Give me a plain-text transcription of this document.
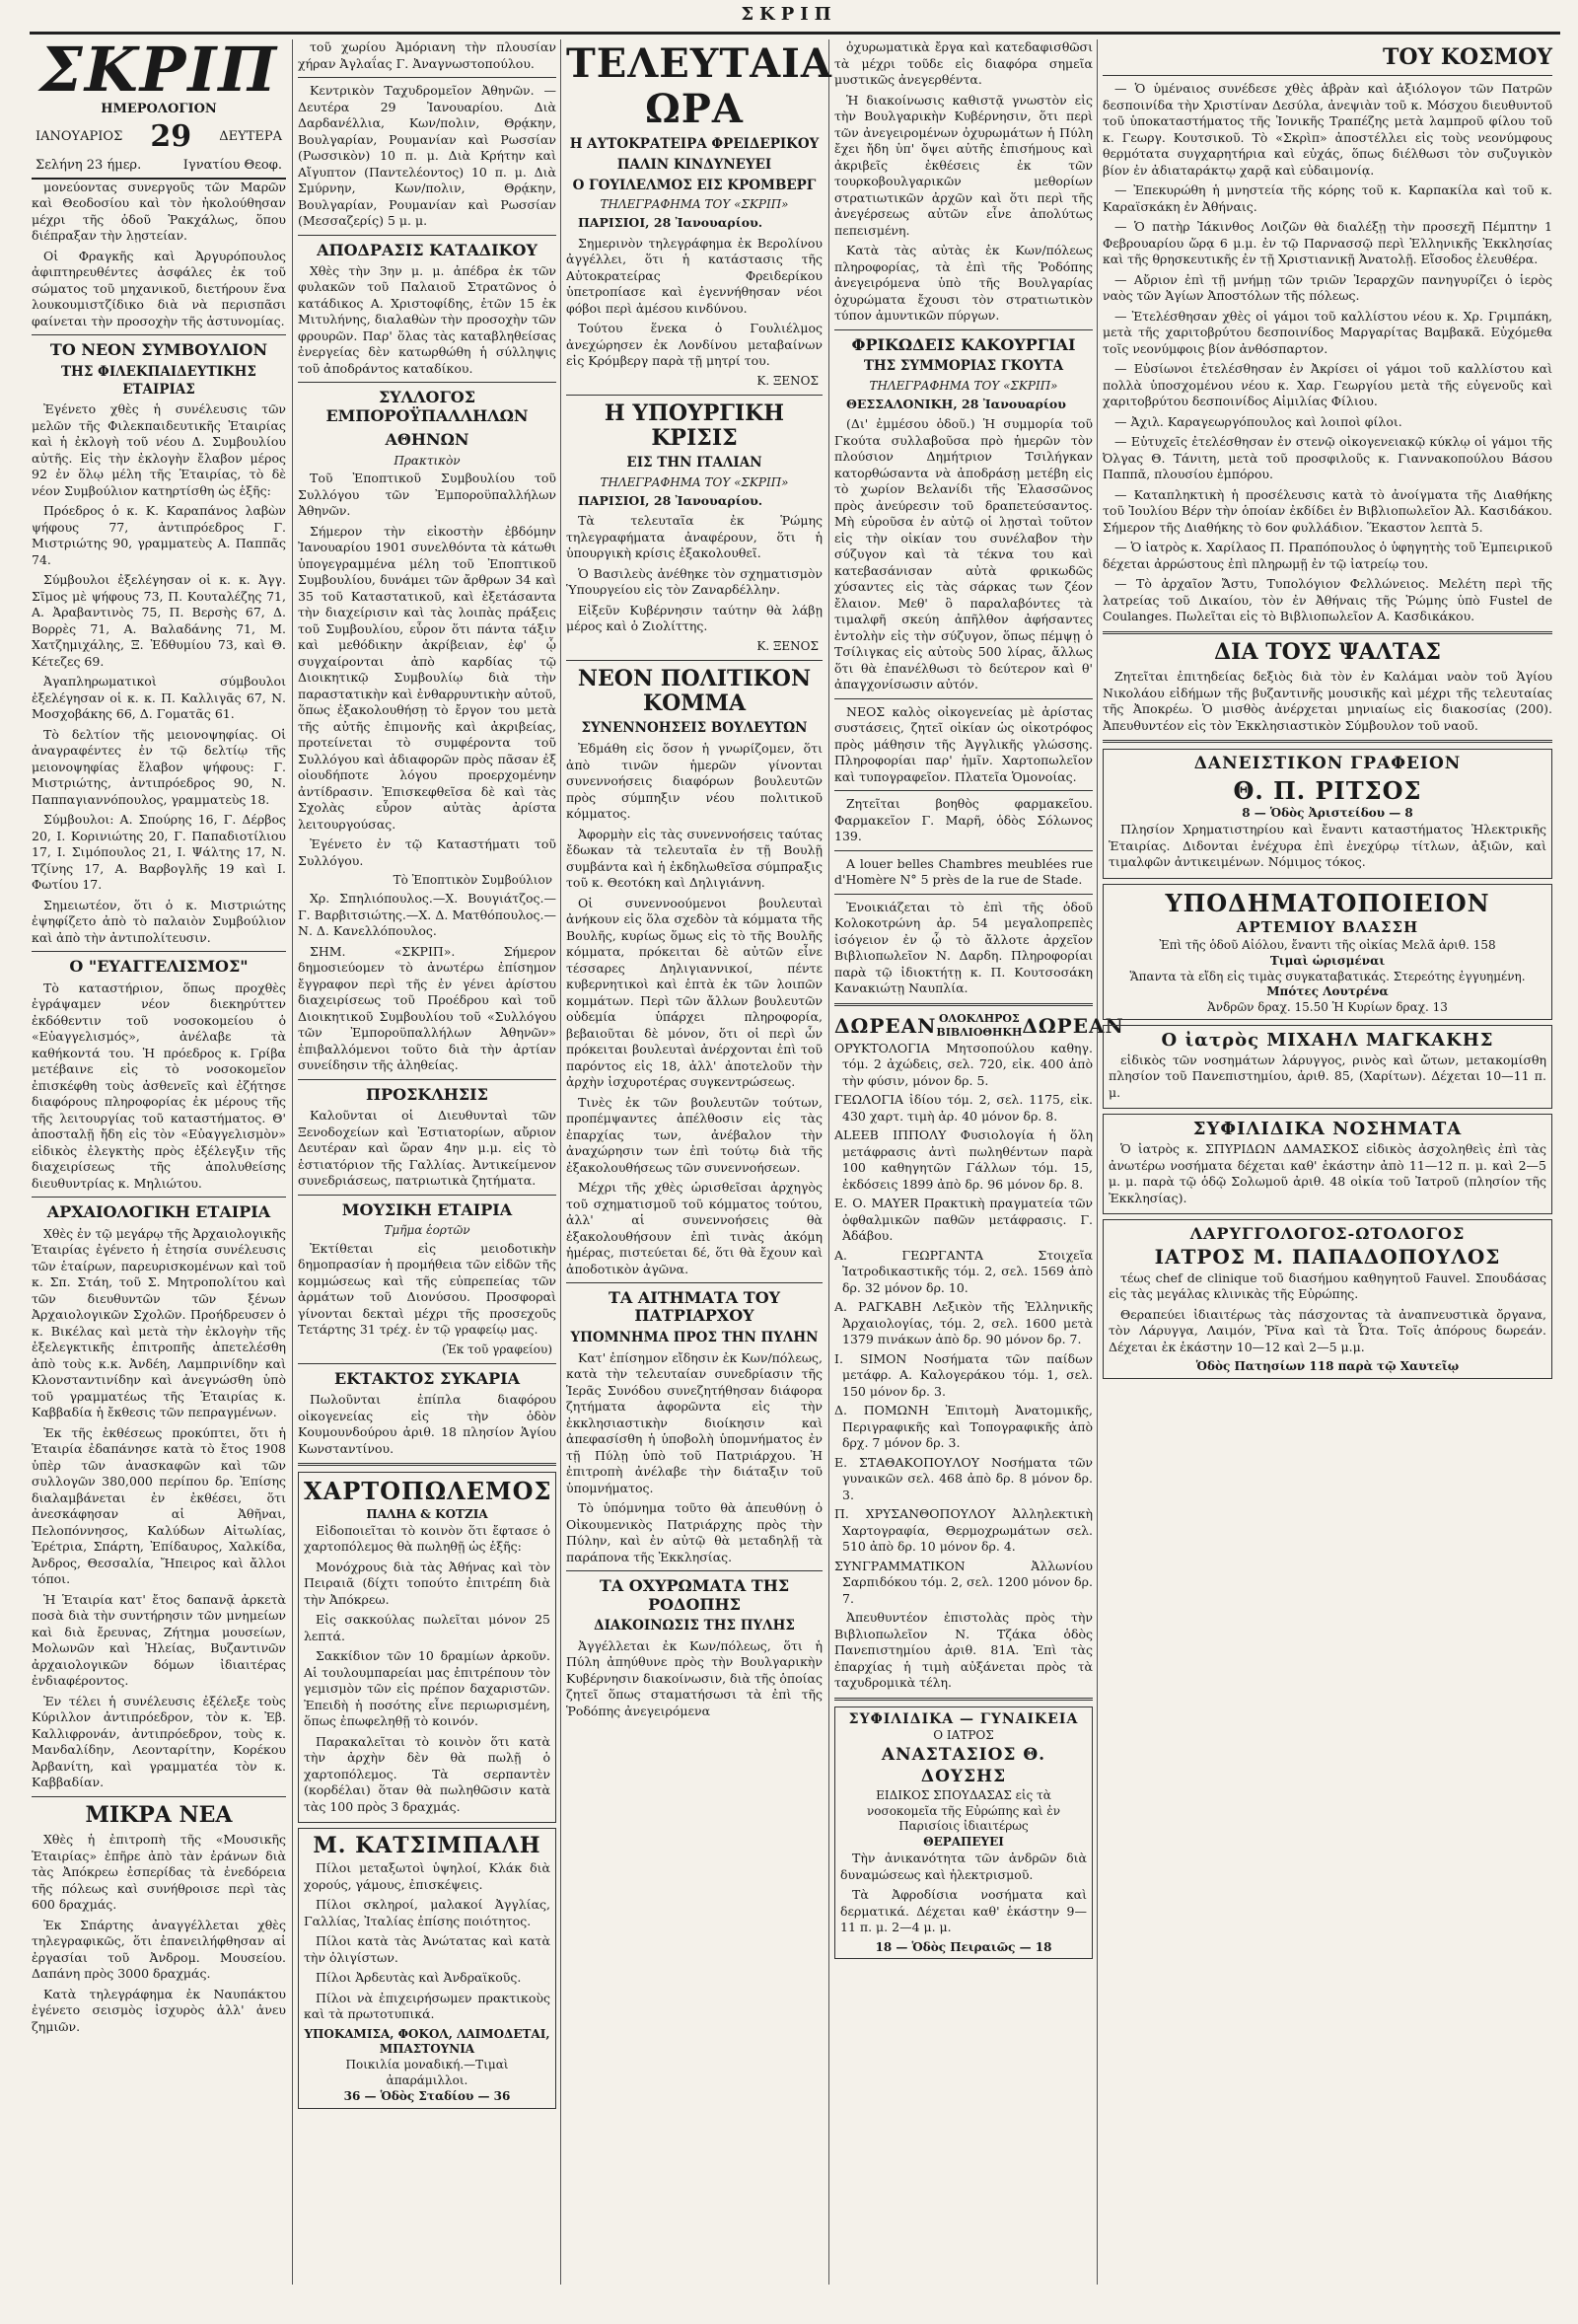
ΣΚΡΙΠ
ΣΚΡΙΠ
ΗΜΕΡΟΛΟΓΙΟΝ
ΙΑΝΟΥΑΡΙΟΣ 29 ΔΕΥΤΕΡΑ
Σελήνη 23 ήμερ.	Ιγνατίου Θεοφ.

μονεύοντας συνεργοῦς τῶν Μαρῶν καὶ Θεοδοσίου καὶ τὸν ἠκολούθησαν μέχρι τῆς ὁδοῦ Ῥακχάλως, ὅπου διέπραξαν τὴν λῃστείαν.

Οἱ Φραγκῆς καὶ Ἀργυρόπουλος ἀφιπτηρευθέντες ἀσφάλες ἐκ τοῦ σώματος τοῦ μηχανικοῦ, διετήρουν ἕνα λουκουμιστζίδικο διὰ νὰ περισπᾶσι φαίνεται τὴν προσοχὴν τῆς ἀστυνομίας.

ΤΟ ΝΕΟΝ ΣΥΜΒΟΥΛΙΟΝ
ΤΗΣ ΦΙΛΕΚΠΑΙΔΕΥΤΙΚΗΣ ΕΤΑΙΡΙΑΣ

Ἐγένετο χθὲς ἡ συνέλευσις τῶν μελῶν τῆς Φιλεκπαιδευτικῆς Ἑταιρίας καὶ ἡ ἐκλογὴ τοῦ νέου Δ. Συμβουλίου αὐτῆς. Εἰς τὴν ἐκλογὴν ἔλαβον μέρος 92 ἐν ὅλῳ μέλη τῆς Ἑταιρίας, τὸ δὲ νέον Συμβούλιον κατηρτίσθη ὡς ἑξῆς:

Πρόεδρος ὁ κ. Κ. Καραπάνος λαβὼν ψήφους 77, ἀντιπρόεδρος Γ. Μιστριώτης 90, γραμματεὺς Α. Παππᾶς 74.

Σύμβουλοι ἐξελέγησαν οἱ κ. κ. Ἀγγ. Σῖμος μὲ ψήφους 73, Π. Κουταλέζης 71, Α. Ἀραβαντινὸς 75, Π. Βερσὴς 67, Δ. Βορρὲς 71, Α. Βαλαδάνης 71, Μ. Χατζημιχάλης, Ξ. Ἐδθυμίου 73, καὶ Θ. Κέτεζες 69.

Ἀγαπληρωματικοὶ σύμβουλοι ἐξελέγησαν οἱ κ. κ. Π. Καλλιγᾶς 67, Ν. Μοσχοβάκης 66, Δ. Γοματᾶς 61.

Τὸ δελτίον τῆς μειονοψηφίας. Οἱ ἀναγραφέντες ἐν τῷ δελτίῳ τῆς μειονοψηφίας ἔλαβον ψήφους: Γ. Μιστριώτης, ἀντιπρόεδρος 90, Ν. Παππαγιαννόπουλος, γραμματεὺς 18.

Σύμβουλοι: Α. Σπούρης 16, Γ. Δέρβος 20, Ι. Κορινιώτης 20, Γ. Παπαδιοτίλιου 17, Ι. Σιμόπουλος 21, Ι. Ψάλτης 17, Ν. Τζίνης 17, Α. Βαρβογλῆς 19 καὶ Ι. Φωτίου 17.

Σημειωτέον, ὅτι ὁ κ. Μιστριώτης ἐψηφίζετο ἀπὸ τὸ παλαιὸν Συμβούλιον καὶ ἀπὸ τὴν ἀντιπολίτευσιν.

Ο "ΕΥΑΓΓΕΛΙΣΜΟΣ"

Τὸ καταστήριον, ὅπως προχθὲς ἐγράψαμεν νέον διεκηρύττεν ἐκδόθεντιν τοῦ νοσοκομείου ὁ «Εὐαγγελισμός», ἀνέλαβε τὰ καθήκοντά του. Ἡ πρόεδρος κ. Γρίβα μετέβαινε εἰς τὸ νοσοκομεῖον ἐπισκέφθη τοὺς ἀσθενεῖς καὶ ἐζήτησε διαφόρους πληροφορίας ἐκ μέρους τῆς τῆς λειτουργίας τοῦ καταστήματος. Θ' ἀποσταλῇ ἤδη εἰς τὸν «Εὐαγγελισμὸν» εἰδικὸς ἐλεγκτὴς πρὸς ἐξέλεγξιν τῆς διαχειρίσεως τῆς ἀπολυθείσης διευθυντρίας κ. Μηλιώτου.

ΑΡΧΑΙΟΛΟΓΙΚΗ ΕΤΑΙΡΙΑ

Χθὲς ἐν τῷ μεγάρῳ τῆς Ἀρχαιολογικῆς Ἑταιρίας ἐγένετο ἡ ἐτησία συνέλευσις τῶν ἑταίρων, παρευρισκομένων καὶ τοῦ κ. Σπ. Στάη, τοῦ Σ. Μητροπολίτου καὶ τῶν διευθυντῶν τῶν ξένων Ἀρχαιολογικῶν Σχολῶν. Προήδρευσεν ὁ κ. Βικέλας καὶ μετὰ τὴν ἐκλογὴν τῆς ἐξελεγκτικῆς ἐπιτροπῆς ἀπετελέσθη ἀπὸ τοὺς κ.κ. Ἀνδέη, Λαμπρινίδην καὶ Κλονσταντινίδην καὶ ἀνεγνώσθη ὑπὸ τοῦ γραμματέως τῆς Ἑταιρίας κ. Καββαδία ἡ ἔκθεσις τῶν πεπραγμένων.

Ἐκ τῆς ἐκθέσεως προκύπτει, ὅτι ἡ Ἑταιρία ἐδαπάνησε κατὰ τὸ ἔτος 1908 ὑπὲρ τῶν ἀνασκαφῶν καὶ τῶν συλλογῶν 380,000 περίπου δρ. Ἐπίσης διαλαμβάνεται ἐν ἐκθέσει, ὅτι ἀνεσκάφησαν αἱ Ἀθῆναι, Πελοπόννησος, Καλύδων Αἰτωλίας, Ἐρέτρια, Σπάρτη, Ἐπίδαυρος, Χαλκίδα, Ἀνδρος, Θεσσαλία, Ἤπειρος καὶ ἄλλοι τόποι.

Ἡ Ἑταιρία κατ' ἔτος δαπανᾷ ἀρκετὰ ποσὰ διὰ τὴν συντήρησιν τῶν μνημείων καὶ διὰ ἔρευνας, Ζήτημα μουσείων, Μολωνῶν καὶ Ἠλείας, Βυζαντινῶν ἀρχαιολογικῶν δόμων ἰδιαιτέρας ἐνδιαφέροντος.

Ἐν τέλει ἡ συνέλευσις ἐξέλεξε τοὺς Κύριλλον ἀντιπρόεδρον, τὸν κ. Ἐβ. Καλλιφρονάν, ἀντιπρόεδρον, τοὺς κ. Μανδαλίδην, Λεονταρίτην, Κορέκου Ἀρβανίτη, καὶ γραμματέα τὸν κ. Καββαδίαν.

ΜΙΚΡΑ ΝΕΑ

Χθὲς ἡ ἐπιτροπὴ τῆς «Μουσικῆς Ἑταιρίας» ἐπῆρε ἀπὸ τὰν ἐράνων διὰ τὰς Ἀπόκρεω ἐσπερίδας τὰ ἐνεδόρεια τῆς πόλεως καὶ συνήθροισε περὶ τὰς 600 δραχμάς.

Ἐκ Σπάρτης ἀναγγέλλεται χθὲς τηλεγραφικῶς, ὅτι ἐπανειλήφθησαν αἱ ἐργασίαι τοῦ Ἀνδρομ. Μουσείου. Δαπάνη πρὸς 3000 δραχμάς.

Κατὰ τηλεγράφημα ἐκ Ναυπάκτου ἐγένετο σεισμὸς ἰσχυρὸς ἀλλ' ἀνευ ζημιῶν.

τοῦ χωρίου Ἀμόριανη τὴν πλουσίαν χήραν Ἀγλαΐας Γ. Ἀναγνωστοπούλου.

Κεντρικὸν Ταχυδρομεῖον Ἀθηνῶν. — Δευτέρα 29 Ἰανουαρίου. Διὰ Δαρδανέλλια, Κων/πολιν, Θρᾴκην, Βουλγαρίαν, Ρουμανίαν καὶ Ρωσσίαν (Ρωσσικὸν) 10 π. μ. Διὰ Κρήτην καὶ Αἴγυπτον (Παντελέοντος) 10 π. μ. Διὰ Σμύρνην, Κων/πολιν, Θρᾴκην, Βουλγαρίαν, Ρουμανίαν καὶ Ρωσσίαν (Μεσσαζερίς) 5 μ. μ.

ΑΠΟΔΡΑΣΙΣ ΚΑΤΑΔΙΚΟΥ

Χθὲς τὴν 3ην μ. μ. ἀπέδρα ἐκ τῶν φυλακῶν τοῦ Παλαιοῦ Στρατῶνος ὁ κατάδικος Α. Χριστοφίδης, ἐτῶν 15 ἐκ Μιτυλήνης, διαλαθὼν τὴν προσοχὴν τῶν φρουρῶν. Παρ' ὅλας τὰς καταβληθείσας ἐνεργείας δὲν κατωρθώθη ἡ σύλληψις τοῦ ἀποδράντος καταδίκου.

ΣΥΛΛΟΓΟΣ ΕΜΠΟΡΟΫΠΑΛΛΗΛΩΝ
ΑΘΗΝΩΝ
Πρακτικὸν

Τοῦ Ἐποπτικοῦ Συμβουλίου τοῦ Συλλόγου τῶν Ἐμποροϋπαλλήλων Ἀθηνῶν.

Σήμερον τὴν εἰκοστὴν ἐβδόμην Ἰανουαρίου 1901 συνελθόντα τὰ κάτωθι ὑπογεγραμμένα μέλη τοῦ Ἐποπτικοῦ Συμβουλίου, δυνάμει τῶν ἄρθρων 34 καὶ 35 τοῦ Καταστατικοῦ, καὶ ἐξετάσαντα τὴν διαχείρισιν καὶ τὰς λοιπὰς πράξεις τοῦ Συμβουλίου, εὗρον ὅτι πάντα τάξιν καὶ μεθόδικην ἀκρίβειαν, ἐφ' ᾧ συγχαίρονται ἀπὸ καρδίας τῷ Διοικητικῷ Συμβουλίῳ διὰ τὴν παραστατικὴν καὶ ἐνθαρρυντικὴν αὐτοῦ, ὅπως ἐξακολουθήσῃ τὸ ἔργον του μετὰ τῆς αὐτῆς ἐπιμονῆς καὶ ἀκριβείας, προτείνεται τὸ συμφέροντα τοῦ Συλλόγου καὶ ἀδιαφορῶν πρὸς πᾶσαν ἐξ οἰουδήποτε λόγου προερχομένην ἀντίδρασιν. Ἐπισκεφθεῖσα δὲ καὶ τὰς Σχολὰς εὗρον αὐτὰς ἀρίστα λειτουργούσας.

Ἐγένετο ἐν τῷ Καταστήματι τοῦ Συλλόγου.

Τὸ Ἐποπτικὸν Συμβούλιον

Χρ. Σπηλιόπουλος.—Χ. Βουγιάτζος.—Γ. Βαρβιτσιώτης.—Χ. Δ. Ματθόπουλος.—Ν. Δ. Κανελλόπουλος.

ΣΗΜ. «ΣΚΡΙΠ». Σήμερον δημοσιεύομεν τὸ ἀνωτέρω ἐπίσημον ἔγγραφον περὶ τῆς ἐν γένει ἀρίστου διαχειρίσεως τοῦ Προέδρου καὶ τοῦ Διοικητικοῦ Συμβουλίου τοῦ «Συλλόγου τῶν Ἐμποροϋπαλλήλων Ἀθηνῶν» ἐπιβαλλόμενοι τοῦτο διὰ τὴν ἀρτίαν συνείδησιν τῆς ἀληθείας.

ΠΡΟΣΚΛΗΣΙΣ

Καλοῦνται οἱ Διευθυνταὶ τῶν Ξενοδοχείων καὶ Ἐστιατορίων, αὔριον Δευτέραν καὶ ὥραν 4ην μ.μ. εἰς τὸ ἑστιατόριον τῆς Γαλλίας. Ἀντικείμενον συνεδριάσεως, πατριωτικὰ ζητήματα.

ΜΟΥΣΙΚΗ ΕΤΑΙΡΙΑ
Τμῆμα ἑορτῶν

Ἐκτίθεται εἰς μειοδοτικὴν δημοπρασίαν ἡ προμήθεια τῶν εἰδῶν τῆς κομμώσεως καὶ τῆς εὐπρεπείας τῶν ἀρμάτων τοῦ Διονύσου. Προσφοραὶ γίνονται δεκταὶ μέχρι τῆς προσεχοῦς Τετάρτης 31 τρέχ. ἐν τῷ γραφείῳ μας.

(Ἐκ τοῦ γραφείου)
ΕΚΤΑΚΤΟΣ ΣΥΚΑΡΙΑ

Πωλοῦνται ἐπίπλα διαφόρου οἰκογενείας εἰς τὴν ὁδὸν Κουμουνδούρου ἀριθ. 18 πλησίον Ἁγίου Κωνσταντίνου.

ΧΑΡΤΟΠΩΛΕΜΟΣ
ΠΑΛΗΑ & ΚΟΤΖΙΑ

Εἰδοποιεῖται τὸ κοινὸν ὅτι ἔφτασε ὁ χαρτοπόλεμος θὰ πωληθῇ ὡς ἑξῆς:

Μονόχρους διὰ τὰς Ἀθήνας καὶ τὸν Πειραιᾶ (δίχτι τοπούτο ἐπιτρέπη διὰ τὴν Ἀπόκρεω.

Εἰς σακκούλας πωλεῖται μόνον 25 λεπτά.

Σακκίδιον τῶν 10 δραμίων ἀρκοῦν. Αἱ τουλουμπαρείαι μας ἐπιτρέπουν τὸν γεμισμὸν τῶν εἰς πρέπον δαχαριστῶν. Ἐπειδὴ ἡ ποσότης εἶνε περιωρισμένη, ὅπως ἐπωφεληθῇ τὸ κοινόν.

Παρακαλεῖται τὸ κοινὸν ὅτι κατὰ τὴν ἀρχὴν δὲν θὰ πωλῇ ὁ χαρτοπόλεμος. Τὰ σερπαντὲν (κορδέλαι) ὅταν θὰ πωληθῶσιν κατὰ τὰς 100 πρὸς 3 δραχμάς.

Μ. ΚΑΤΣΙΜΠΑΛΗ

Πίλοι μεταξωτοὶ ὑψηλοί, Κλάκ διὰ χορούς, γάμους, ἐπισκέψεις.

Πίλοι σκληροί, μαλακοί Ἀγγλίας, Γαλλίας, Ἰταλίας ἐπίσης ποιότητος.

Πίλοι κατὰ τὰς Ἀνώτατας καὶ κατὰ τὴν ὀλιγίστων.

Πίλοι Ἀρδευτὰς καὶ Ἀνδραϊκοῦς.

Πίλοι νὰ ἐπιχειρήσωμεν πρακτικοὺς καὶ τὰ πρωτοτυπικά.

ΥΠΟΚΑΜΙΣΑ, ΦΟΚΟΛ, ΛΑΙΜΟΔΕΤΑΙ, ΜΠΑΣΤΟΥΝΙΑ
Ποικιλία μοναδική.—Τιμαὶ ἀπαράμιλλοι.
36 — Ὁδὸς Σταδίου — 36
ΤΕΛΕΥΤΑΙΑ ΩΡΑ
Η ΑΥΤΟΚΡΑΤΕΙΡΑ ΦΡΕΙΔΕΡΙΚΟΥ
ΠΑΛΙΝ ΚΙΝΔΥΝΕΥΕΙ
Ο ΓΟΥΙΛΕΛΜΟΣ ΕΙΣ ΚΡΟΜΒΕΡΓ
ΤΗΛΕΓΡΑΦΗΜΑ ΤΟΥ «ΣΚΡΙΠ»

ΠΑΡΙΣΙΟΙ, 28 Ἰανουαρίου.

Σημερινὸν τηλεγράφημα ἐκ Βερολίνου ἀγγέλλει, ὅτι ἡ κατάστασις τῆς Αὐτοκρατείρας Φρειδερίκου ὑπετροπίασε καὶ ἐγεννήθησαν νέοι φόβοι περὶ ἀμέσου κινδύνου.

Τούτου ἕνεκα ὁ Γουλιέλμος ἀνεχώρησεν ἐκ Λονδίνου μεταβαίνων εἰς Κρόμβεργ παρὰ τῇ μητρί του.

Κ. ΞΕΝΟΣ
Η ΥΠΟΥΡΓΙΚΗ ΚΡΙΣΙΣ
ΕΙΣ ΤΗΝ ΙΤΑΛΙΑΝ
ΤΗΛΕΓΡΑΦΗΜΑ ΤΟΥ «ΣΚΡΙΠ»

ΠΑΡΙΣΙΟΙ, 28 Ἰανουαρίου.

Τὰ τελευταῖα ἐκ Ῥώμης τηλεγραφήματα ἀναφέρουν, ὅτι ἡ ὑπουργικὴ κρίσις ἐξακολουθεῖ.

Ὁ Βασιλεὺς ἀνέθηκε τὸν σχηματισμὸν Ὑπουργείου εἰς τὸν Ζαναρδέλλην.

Εἰξεῦν Κυβέρνησιν ταύτην θὰ λάβῃ μέρος καὶ ὁ Ζιολίττης.

Κ. ΞΕΝΟΣ
ΝΕΟΝ ΠΟΛΙΤΙΚΟΝ ΚΟΜΜΑ
ΣΥΝΕΝΝΟΗΣΕΙΣ ΒΟΥΛΕΥΤΩΝ

Ἐδμάθη εἰς ὅσον ἡ γνωρίζομεν, ὅτι ἀπὸ τινῶν ἡμερῶν γίνονται συνεννοήσεις διαφόρων βουλευτῶν πρὸς σύμπηξιν νέου πολιτικοῦ κόμματος.

Ἀφορμὴν εἰς τὰς συνεννοήσεις ταύτας ἔδωκαν τὰ τελευταῖα ἐν τῇ Βουλῇ συμβάντα καὶ ἡ ἐκδηλωθεῖσα σύμπραξις τοῦ κ. Θεοτόκη καὶ Δηλιγιάννη.

Οἱ συνεννοούμενοι βουλευταὶ ἀνήκουν εἰς ὅλα σχεδὸν τὰ κόμματα τῆς Βουλῆς, κυρίως ὅμως εἰς τὸ τῆς Βουλῆς κόμματα, πρόκειται δὲ αὐτῶν εἶνε τέσσαρες Δηλιγιαννικοί, πέντε κυβερνητικοὶ καὶ ἑπτὰ ἐκ τῶν λοιπῶν κομμάτων. Περὶ τῶν ἄλλων βουλευτῶν οὐδεμία ὑπάρχει πληροφορία, βεβαιοῦται δὲ μόνον, ὅτι οἱ περὶ ὧν πρόκειται βουλευταὶ ἀνέρχονται ἐπὶ τοῦ παρόντος εἰς 18, ἀλλ' ἀποτελοῦν τὴν ἀρχὴν ἰσχυροτέρας συγκεντρώσεως.

Τινὲς ἐκ τῶν βουλευτῶν τούτων, προπέμψαντες ἀπέλθοσιν εἰς τὰς ἐπαρχίας των, ἀνέβαλον τὴν ἀναχώρησιν των ἐπὶ τούτῳ διὰ τῆς ἐξακολουθήσεως τῶν συνεννοήσεων.

Μέχρι τῆς χθὲς ὡρισθεῖσαι ἀρχηγὸς τοῦ σχηματισμοῦ τοῦ κόμματος τούτου, ἀλλ' αἱ συνεννοήσεις θὰ ἐξακολουθήσουν ἐπὶ τινὰς ἀκόμη ἡμέρας, πιστεύεται δέ, ὅτι θὰ ἔχουν καὶ ἀποδοτικὸν ἀγῶνα.

ΤΑ ΑΙΤΗΜΑΤΑ ΤΟΥ ΠΑΤΡΙΑΡΧΟΥ
ΥΠΟΜΝΗΜΑ ΠΡΟΣ ΤΗΝ ΠΥΛΗΝ

Κατ' ἐπίσημον εἴδησιν ἐκ Κων/πόλεως, κατὰ τὴν τελευταίαν συνεδρίασιν τῆς Ἱερᾶς Συνόδου συνεζητήθησαν διάφορα ζητήματα ἀφορῶντα εἰς τὴν ἐκκλησιαστικὴν διοίκησιν καὶ ἀπεφασίσθη ἡ ὑποβολὴ ὑπομνήματος ἐν τῇ Πύλῃ ὑπὸ τοῦ Πατριάρχου. Ἡ ἐπιτροπὴ ἀνέλαβε τὴν διάταξιν τοῦ ὑπομνήματος.

Τὸ ὑπόμνημα τοῦτο θὰ ἀπευθύνῃ ὁ Οἰκουμενικὸς Πατριάρχης πρὸς τὴν Πύλην, καὶ ἐν αὐτῷ θὰ μεταδηλῇ τὰ παράπονα τῆς Ἐκκλησίας.

ΤΑ ΟΧΥΡΩΜΑΤΑ ΤΗΣ ΡΟΔΟΠΗΣ
ΔΙΑΚΟΙΝΩΣΙΣ ΤΗΣ ΠΥΛΗΣ

Ἀγγέλλεται ἐκ Κων/πόλεως, ὅτι ἡ Πύλη ἀπηύθυνε πρὸς τὴν Βουλγαρικὴν Κυβέρνησιν διακοίνωσιν, διὰ τῆς ὁποίας ζητεῖ ὅπως σταματήσωσι τὰ ἐπὶ τῆς Ῥοδόπης ἀνεγειρόμενα

ὀχυρωματικὰ ἔργα καὶ κατεδαφισθῶσι τὰ μέχρι τοῦδε εἰς διαφόρα σημεῖα μυστικῶς ἀνεγερθέντα.

Ἡ διακοίνωσις καθιστᾷ γνωστὸν εἰς τὴν Βουλγαρικὴν Κυβέρνησιν, ὅτι περὶ τῶν ἀνεγειρομένων ὀχυρωμάτων ἡ Πύλη ἔχει ἤδη ὑπ' ὄψει αὐτῆς ἐπισήμους καὶ ἀκριβεῖς ἐκθέσεις ἐκ τῶν τουρκοβουλγαρικῶν μεθορίων στρατιωτικῶν ἀρχῶν καὶ ὅτι περὶ τῆς ἀνεγέρσεως αὐτῶν εἶνε ἀπολύτως πεπεισμένη.

Κατὰ τὰς αὐτὰς ἐκ Κων/πόλεως πληροφορίας, τὰ ἐπὶ τῆς Ῥοδόπης ἀνεγειρόμενα ὑπὸ τῆς Βουλγαρίας ὀχυρώματα ἔχουσι τὸν στρατιωτικὸν τύπον ἀμυντικῶν πύργων.

ΦΡΙΚΩΔΕΙΣ ΚΑΚΟΥΡΓΙΑΙ
ΤΗΣ ΣΥΜΜΟΡΙΑΣ ΓΚΟΥΤΑ
ΤΗΛΕΓΡΑΦΗΜΑ ΤΟΥ «ΣΚΡΙΠ»

ΘΕΣΣΑΛΟΝΙΚΗ, 28 Ἰανουαρίου

(Δι' ἐμμέσου ὁδοῦ.) Ἡ συμμορία τοῦ Γκούτα συλλαβοῦσα πρὸ ἡμερῶν τὸν πλούσιον Δημήτριον Τσιλήγκαν κατορθώσαντα νὰ ἀποδράσῃ μετέβη εἰς τὸ χωρίον Βελανίδι τῆς Ἐλασσῶνος πρὸς ἀνεύρεσιν τοῦ δραπετεύσαντος. Μὴ εὑροῦσα ἐν αὐτῷ οἱ λῃσταὶ τοῦτον εἰς τὴν οἰκίαν του συνέλαβον τὴν σύζυγον καὶ τὰ τέκνα του καὶ κατεβασάνισαν αὐτὰ φρικωδῶς χύσαντες εἰς τὰς σάρκας των ζέον ἔλαιον. Μεθ' ὃ παραλαβόντες τὰ τιμαλφῆ σκεύη ἀπῆλθον ἀφήσαντες ἐντολὴν εἰς τὴν σύζυγον, ὅπως πέμψῃ ὁ Τσίλιγκας εἰς αὐτοὺς 500 λίρας, ἄλλως ὅτι θὰ ἐπανέλθωσι τὸ δεύτερον καὶ θ' ἀπαγχονίσωσιν αὐτόν.

ΝΕΟΣ καλὸς οἰκογενείας μὲ ἀρίστας συστάσεις, ζητεῖ οἰκίαν ὡς οἰκοτρόφος πρὸς μάθησιν τῆς Ἀγγλικῆς γλώσσης. Πληροφορίαι παρ' ἡμῖν. Χαρτοπωλεῖον καὶ τυπογραφεῖον. Πλατεῖα Ὁμονοίας.

Ζητεῖται βοηθὸς φαρμακεῖου. Φαρμακεῖον Γ. Μαρῆ, ὁδὸς Σόλωνος 139.

A louer belles Chambres meublées rue d'Homère N° 5 près de la rue de Stade.

Ἐνοικιάζεται τὸ ἐπὶ τῆς ὁδοῦ Κολοκοτρώνη ἀρ. 54 μεγαλοπρεπὲς ἰσόγειον ἐν ᾧ τὸ ἄλλοτε ἀρχεῖον Βιβλιοπωλεῖον Ν. Δαρδη. Πληροφορίαι παρὰ τῷ ἰδιοκτήτῃ κ. Π. Κουτσοσάκη Κανακιώτῃ Ναυπλία.

ΔΩΡΕΑΝ ΟΛΟΚΛΗΡΟΣ ΒΙΒΛΙΟΘΗΚΗ ΔΩΡΕΑΝ
ΟΡΥΚΤΟΛΟΓΙΑ Μητσοπούλου καθηγ. τόμ. 2 ἀχώδεις, σελ. 720, εἰκ. 400 ἀπὸ τὴν φύσιν, μόνον δρ. 5.
ΓΕΩΛΟΓΙΑ ἰδίου τόμ. 2, σελ. 1175, εἰκ. 430 χαρτ. τιμὴ ἀρ. 40 μόνον δρ. 8.
ALEEB ΙΠΠΟΛΥ Φυσιολογία ἡ ὅλη μετάφρασις ἀντὶ πωληθέντων παρὰ 100 καθηγητῶν Γάλλων τόμ. 15, ἐκδόσεις 1899 ἀπὸ δρ. 96 μόνον δρ. 8.
Ε. Ο. MAYER Πρακτικὴ πραγματεία τῶν ὀφθαλμικῶν παθῶν μετάφρασις. Γ. Ἀδάβου.
Α. ΓΕΩΡΓΑΝΤΑ Στοιχεῖα Ἰατροδικαστικῆς τόμ. 2, σελ. 1569 ἀπὸ δρ. 32 μόνον δρ. 10.
Α. ΡΑΓΚΑΒΗ Λεξικὸν τῆς Ἑλληνικῆς Ἀρχαιολογίας, τόμ. 2, σελ. 1600 μετὰ 1379 πινάκων ἀπὸ δρ. 90 μόνον δρ. 7.
I. SIMON Νοσήματα τῶν παίδων μετάφρ. Α. Καλογεράκου τόμ. 1, σελ. 150 μόνον δρ. 3.
Δ. ΠΟΜΩΝΗ Ἐπιτομὴ Ἀνατομικῆς, Περιγραφικῆς καὶ Τοπογραφικῆς ἀπὸ δρχ. 7 μόνον δρ. 3.
Ε. ΣΤΑΘΑΚΟΠΟΥΛΟΥ Νοσήματα τῶν γυναικῶν σελ. 468 ἀπὸ δρ. 8 μόνον δρ. 3.
Π. ΧΡΥΣΑΝΘΟΠΟΥΛΟΥ Ἀλληλεκτικὴ Χαρτογραφία, Θερμοχρωμάτων σελ. 510 ἀπὸ δρ. 10 μόνον δρ. 4.
ΣΥΝΓΡΑΜΜΑΤΙΚΟΝ Ἀλλωνίου Σαρπιδόκου τόμ. 2, σελ. 1200 μόνον δρ. 7.

Ἀπευθυντέον ἐπιστολὰς πρὸς τὴν Βιβλιοπωλεῖον Ν. Τζάκα ὁδὸς Πανεπιστημίου ἀριθ. 81Α. Ἐπὶ τὰς ἐπαρχίας ἡ τιμὴ αὐξάνεται πρὸς τὰ ταχυδρομικὰ τέλη.

ΣΥΦΙΛΙΔΙΚΑ — ΓΥΝΑΙΚΕΙΑ
Ο ΙΑΤΡΟΣ
ΑΝΑΣΤΑΣΙΟΣ Θ. ΔΟΥΣΗΣ
ΕΙΔΙΚΟΣ ΣΠΟΥΔΑΣΑΣ εἰς τὰ νοσοκομεῖα τῆς Εὐρώπης καὶ ἐν Παρισίοις ἰδιαιτέρως
ΘΕΡΑΠΕΥΕΙ

Τὴν ἀνικανότητα τῶν ἀνδρῶν διὰ δυναμώσεως καὶ ἠλεκτρισμοῦ.

Τὰ Ἀφροδίσια νοσήματα καὶ δερματικά. Δέχεται καθ' ἑκάστην 9—11 π. μ. 2—4 μ. μ.

18 — Ὁδὸς Πειραιῶς — 18
ΤΟΥ ΚΟΣΜΟΥ

— Ὁ ὑμέναιος συνέδεσε χθὲς ἀβρὰν καὶ ἀξιόλογον τῶν Πατρῶν δεσποινίδα τὴν Χριστίναν Δεσύλα, ἀνεψιὰν τοῦ κ. Μόσχου διευθυντοῦ τοῦ ὑποκαταστήματος τῆς Ἰονικῆς Τραπέζης μετὰ λαμπροῦ φίλου τοῦ κ. Γεωργ. Κουτσικοῦ. Τὸ «Σκρὶπ» ἀποστέλλει εἰς τοὺς νεονύμφους θερμότατα συγχαρητήρια καὶ εὐχάς, ὅπως διέλθωσι τὸν συζυγικὸν βίον ἐν ἀδιαταράκτῳ χαρᾷ καὶ εὐδαιμονίᾳ.

— Ἐπεκυρώθη ἡ μνηστεία τῆς κόρης τοῦ κ. Καρπακίλα καὶ τοῦ κ. Καραϊσκάκη ἐν Ἀθήναις.

— Ὁ πατὴρ Ἰάκινθος Λοιζῶν θὰ διαλέξῃ τὴν προσεχῆ Πέμπτην 1 Φεβρουαρίου ὥρᾳ 6 μ.μ. ἐν τῷ Παρνασσῷ περὶ Ἑλληνικῆς Ἐκκλησίας καὶ τῆς θρησκευτικῆς ἐν τῇ Χριστιανικῇ Ἀνατολῇ. Εἴσοδος ἐλευθέρα.

— Αὔριον ἐπὶ τῇ μνήμῃ τῶν τριῶν Ἱεραρχῶν πανηγυρίζει ὁ ἱερὸς ναὸς τῶν Ἁγίων Ἀποστόλων τῆς πόλεως.

— Ἐτελέσθησαν χθὲς οἱ γάμοι τοῦ καλλίστου νέου κ. Χρ. Γριμπάκη, μετὰ τῆς χαριτοβρύτου δεσποινίδος Μαργαρίτας Βαμβακᾶ. Εὐχόμεθα τοῖς νεονύμφοις βίον ἀνθόσπαρτον.

— Εὐσίωνοι ἐτελέσθησαν ἐν Ἀκρίσει οἱ γάμοι τοῦ καλλίστου καὶ πολλὰ ὑποσχομένου νέου κ. Χαρ. Γεωργίου μετὰ τῆς εὐγενοῦς καὶ χαριτοβρύτου δεσποινίδος Αἰμιλίας Φίλιου.

— Ἀχιλ. Καραγεωργόπουλος καὶ λοιποὶ φίλοι.

— Εὐτυχεῖς ἐτελέσθησαν ἐν στενῷ οἰκογενειακῷ κύκλῳ οἱ γάμοι τῆς Ὀλγας Θ. Τάνιτη, μετὰ τοῦ προσφιλοῦς κ. Γιαννακοπούλου Βάσου Παππᾶ, πλουσίου ἐμπόρου.

— Καταπληκτικὴ ἡ προσέλευσις κατὰ τὸ ἀνοίγματα τῆς Διαθήκης τοῦ Ἰουλίου Βέρν τὴν ὁποίαν ἐκδίδει ἐν Βιβλιοπωλεῖον Ἀλ. Κασιδάκου. Σήμερον τῆς Διαθήκης τὸ 6ον φυλλάδιον. Ἕκαστον λεπτὰ 5.

— Ὁ ἰατρὸς κ. Χαρίλαος Π. Πραπόπουλος ὁ ὑφηγητὴς τοῦ Ἐμπειρικοῦ δέχεται ἀρρώστους ἐπὶ πληρωμῇ ἐν τῷ ἰατρείῳ του.

— Τὸ ἀρχαῖον Ἄστυ, Τυπολόγιον Φελλώνειος. Μελέτη περὶ τῆς λατρείας τοῦ Δικαίου, τὸν ἐν Ἀθήναις τῆς Ῥώμης ὑπὸ Fustel de Coulanges. Πωλεῖται εἰς τὸ Βιβλιοπωλεῖον Α. Κασδικάκου.

ΔΙΑ ΤΟΥΣ ΨΑΛΤΑΣ

Ζητεῖται ἐπιτηδείας δεξιὸς διὰ τὸν ἐν Καλάμαι ναὸν τοῦ Ἁγίου Νικολάου εἰδήμων τῆς βυζαντινῆς μουσικῆς καὶ μέχρι τῆς τελευταίας τῆς Ἀποκρέω. Ὁ μισθὸς ἀνέρχεται μηνιαίως εἰς διακοσίας (200). Ἀπευθυντέον εἰς τὸν Ἐκκλησιαστικὸν Σύμβουλον τοῦ ναοῦ.

ΔΑΝΕΙΣΤΙΚΟΝ ΓΡΑΦΕΙΟΝ
Θ. Π. ΡΙΤΣΟΣ
8 — Ὁδὸς Ἀριστείδου — 8

Πλησίον Χρηματιστηρίου καὶ ἔναντι καταστήματος Ἠλεκτρικῆς Ἑταιρίας. Διδονται ἐνέχυρα ἐπὶ ἐνεχύρῳ τίτλων, ἀξιῶν, καὶ τιμαλφῶν ἀντικειμένων. Νόμιμος τόκος.

ΥΠΟΔΗΜΑΤΟΠΟΙΕΙΟΝ
ΑΡΤΕΜΙΟΥ ΒΛΑΣΣΗ
Ἐπὶ τῆς ὁδοῦ Αἰόλου, ἔναντι τῆς οἰκίας Μελᾶ ἀριθ. 158
Τιμαὶ ὡρισμέναι
Ἅπαντα τὰ εἴδη εἰς τιμὰς συγκαταβατικάς. Στερεότης ἐγγυημένη.
Μπότες Λουτρένα
Ἀνδρῶν δραχ. 15.50 Ἡ Κυρίων δραχ. 13
Ο ἰατρὸς ΜΙΧΑΗΛ ΜΑΓΚΑΚΗΣ

εἰδικὸς τῶν νοσημάτων λάρυγγος, ρινὸς καὶ ὤτων, μετακομίσθη πλησίον τοῦ Πανεπιστημίου, ἀριθ. 85, (Χαρίτων). Δέχεται 10—11 π. μ.

ΣΥΦΙΛΙΔΙΚΑ ΝΟΣΗΜΑΤΑ

Ὁ ἰατρὸς κ. ΣΠΥΡΙΔΩΝ ΔΑΜΑΣΚΟΣ εἰδικὸς ἀσχοληθεὶς ἐπὶ τὰς ἀνωτέρω νοσήματα δέχεται καθ' ἑκάστην ἀπὸ 11—12 π. μ. καὶ 2—5 μ. μ. παρὰ τῷ ὁδῷ Σολωμοῦ ἀριθ. 48 οἰκία τοῦ Ἰατροῦ (πλησίον τῆς Ἐκκλησίας).

ΛΑΡΥΓΓΟΛΟΓΟΣ-ΩΤΟΛΟΓΟΣ
ΙΑΤΡΟΣ Μ. ΠΑΠΑΔΟΠΟΥΛΟΣ

τέως chef de clinique τοῦ διασήμου καθηγητοῦ Fauvel. Σπουδάσας εἰς τὰς μεγάλας κλινικὰς τῆς Εὐρώπης.

Θεραπεύει ἰδιαιτέρως τὰς πάσχοντας τὰ ἀναπνευστικὰ ὄργανα, τὸν Λάρυγγα, Λαιμόν, Ῥῖνα καὶ τὰ Ὦτα. Τοῖς ἀπόρους δωρεάν. Δέχεται ἐκ ἑκάστην 10—12 καὶ 2—5 μ.μ.

Ὁδὸς Πατησίων 118 παρὰ τῷ Χαυτεῖῳ
